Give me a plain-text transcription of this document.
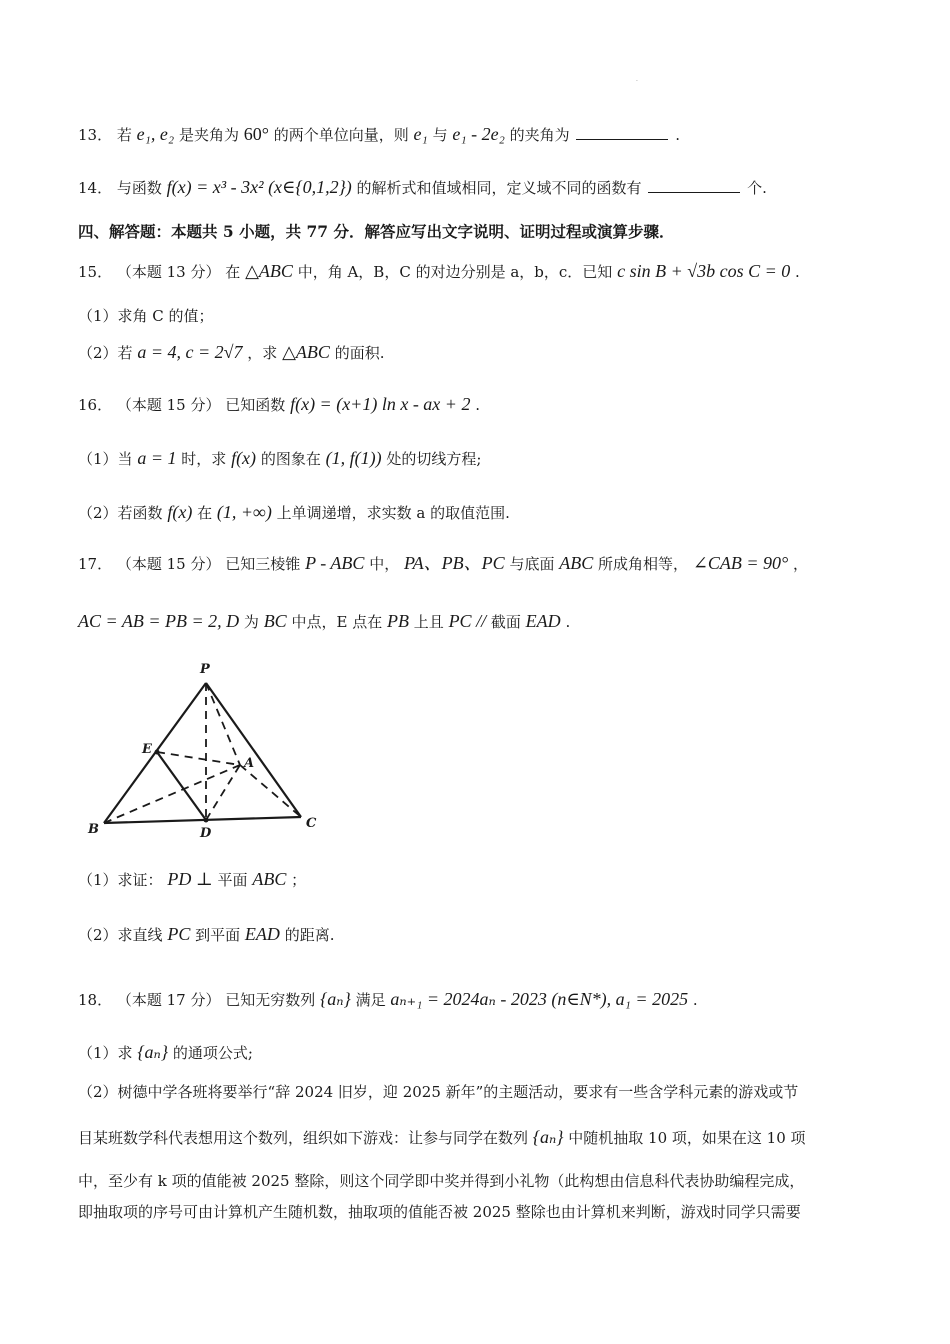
·
13． 若 e₁, e₂ 是夹角为 60° 的两个单位向量，则 e₁ 与 e₁ - 2e₂ 的夹角为	.
14． 与函数 f(x) = x³ - 3x² (x∈{0,1,2}) 的解析式和值域相同，定义域不同的函数有	个.
四、解答题：本题共 5 小题，共 77 分．解答应写出文字说明、证明过程或演算步骤．
15． （本题 13 分） 在 △ABC 中，角 A，B，C 的对边分别是 a，b，c．已知 c sin B + √3b cos C = 0 .
（1）求角 C 的值；
（2）若 a = 4, c = 2√7 ，求 △ABC 的面积.
16． （本题 15 分） 已知函数 f(x) = (x+1) ln x - ax + 2 .
（1）当 a = 1 时，求 f(x) 的图象在 (1, f(1)) 处的切线方程;
（2）若函数 f(x) 在 (1, +∞) 上单调递增，求实数 a 的取值范围.
17． （本题 15 分） 已知三棱锥 P - ABC 中， PA、PB、PC 与底面 ABC 所成角相等， ∠CAB = 90° ，
AC = AB = PB = 2, D 为 BC 中点，E 点在 PB 上且 PC // 截面 EAD .
P
E
A
B	D
C
（1）求证： PD ⊥ 平面 ABC ；
（2）求直线 PC 到平面 EAD 的距离.
18． （本题 17 分） 已知无穷数列 {aₙ} 满足 aₙ₊₁ = 2024aₙ - 2023 (n∈N*), a₁ = 2025 .
（1）求 {aₙ} 的通项公式;
（2）树德中学各班将要举行“辞 2024 旧岁，迎 2025 新年”的主题活动，要求有一些含学科元素的游戏或节
目某班数学科代表想用这个数列，组织如下游戏：让参与同学在数列 {aₙ} 中随机抽取 10 项，如果在这 10 项
中，至少有 k 项的值能被 2025 整除，则这个同学即中奖并得到小礼物（此构想由信息科代表协助编程完成，
即抽取项的序号可由计算机产生随机数，抽取项的值能否被 2025 整除也由计算机来判断，游戏时同学只需要
